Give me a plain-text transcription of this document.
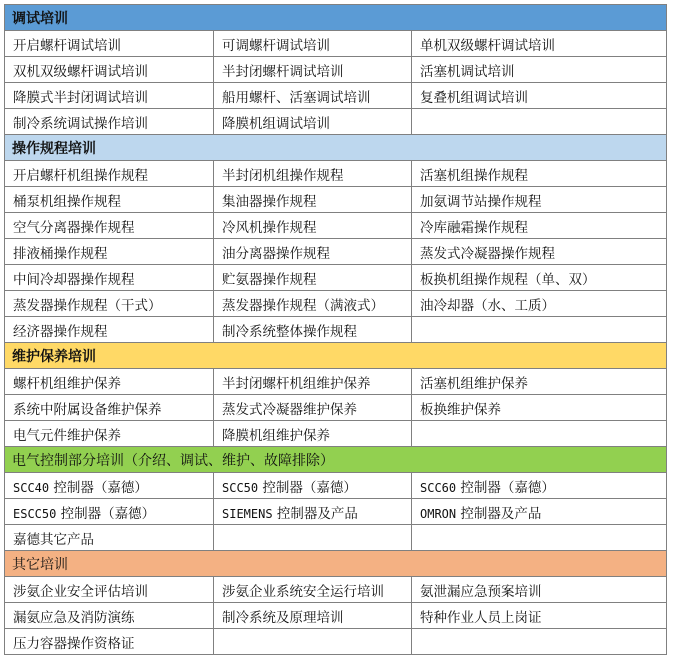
调试培训		
开启螺杆调试培训	可调螺杆调试培训	单机双级螺杆调试培训
双机双级螺杆调试培训	半封闭螺杆调试培训	活塞机调试培训
降膜式半封闭调试培训	船用螺杆、活塞调试培训	复叠机组调试培训
制冷系统调试操作培训	降膜机组调试培训	
操作规程培训		
开启螺杆机组操作规程	半封闭机组操作规程	活塞机组操作规程
桶泵机组操作规程	集油器操作规程	加氨调节站操作规程
空气分离器操作规程	冷风机操作规程	冷库融霜操作规程
排液桶操作规程	油分离器操作规程	蒸发式冷凝器操作规程
中间冷却器操作规程	贮氨器操作规程	板换机组操作规程（单、双）
蒸发器操作规程（干式）	蒸发器操作规程（满液式）	油冷却器（水、工质）
经济器操作规程	制冷系统整体操作规程	
维护保养培训		
螺杆机组维护保养	半封闭螺杆机组维护保养	活塞机组维护保养
系统中附属设备维护保养	蒸发式冷凝器维护保养	板换维护保养
电气元件维护保养	降膜机组维护保养	
电气控制部分培训（介绍、调试、维护、故障排除）		
SCC40 控制器（嘉德）	SCC50 控制器（嘉德）	SCC60 控制器（嘉德）
ESCC50 控制器（嘉德）	SIEMENS 控制器及产品	OMRON 控制器及产品
嘉德其它产品		
其它培训		
涉氨企业安全评估培训	涉氨企业系统安全运行培训	氨泄漏应急预案培训
漏氨应急及消防演练	制冷系统及原理培训	特种作业人员上岗证
压力容器操作资格证		
